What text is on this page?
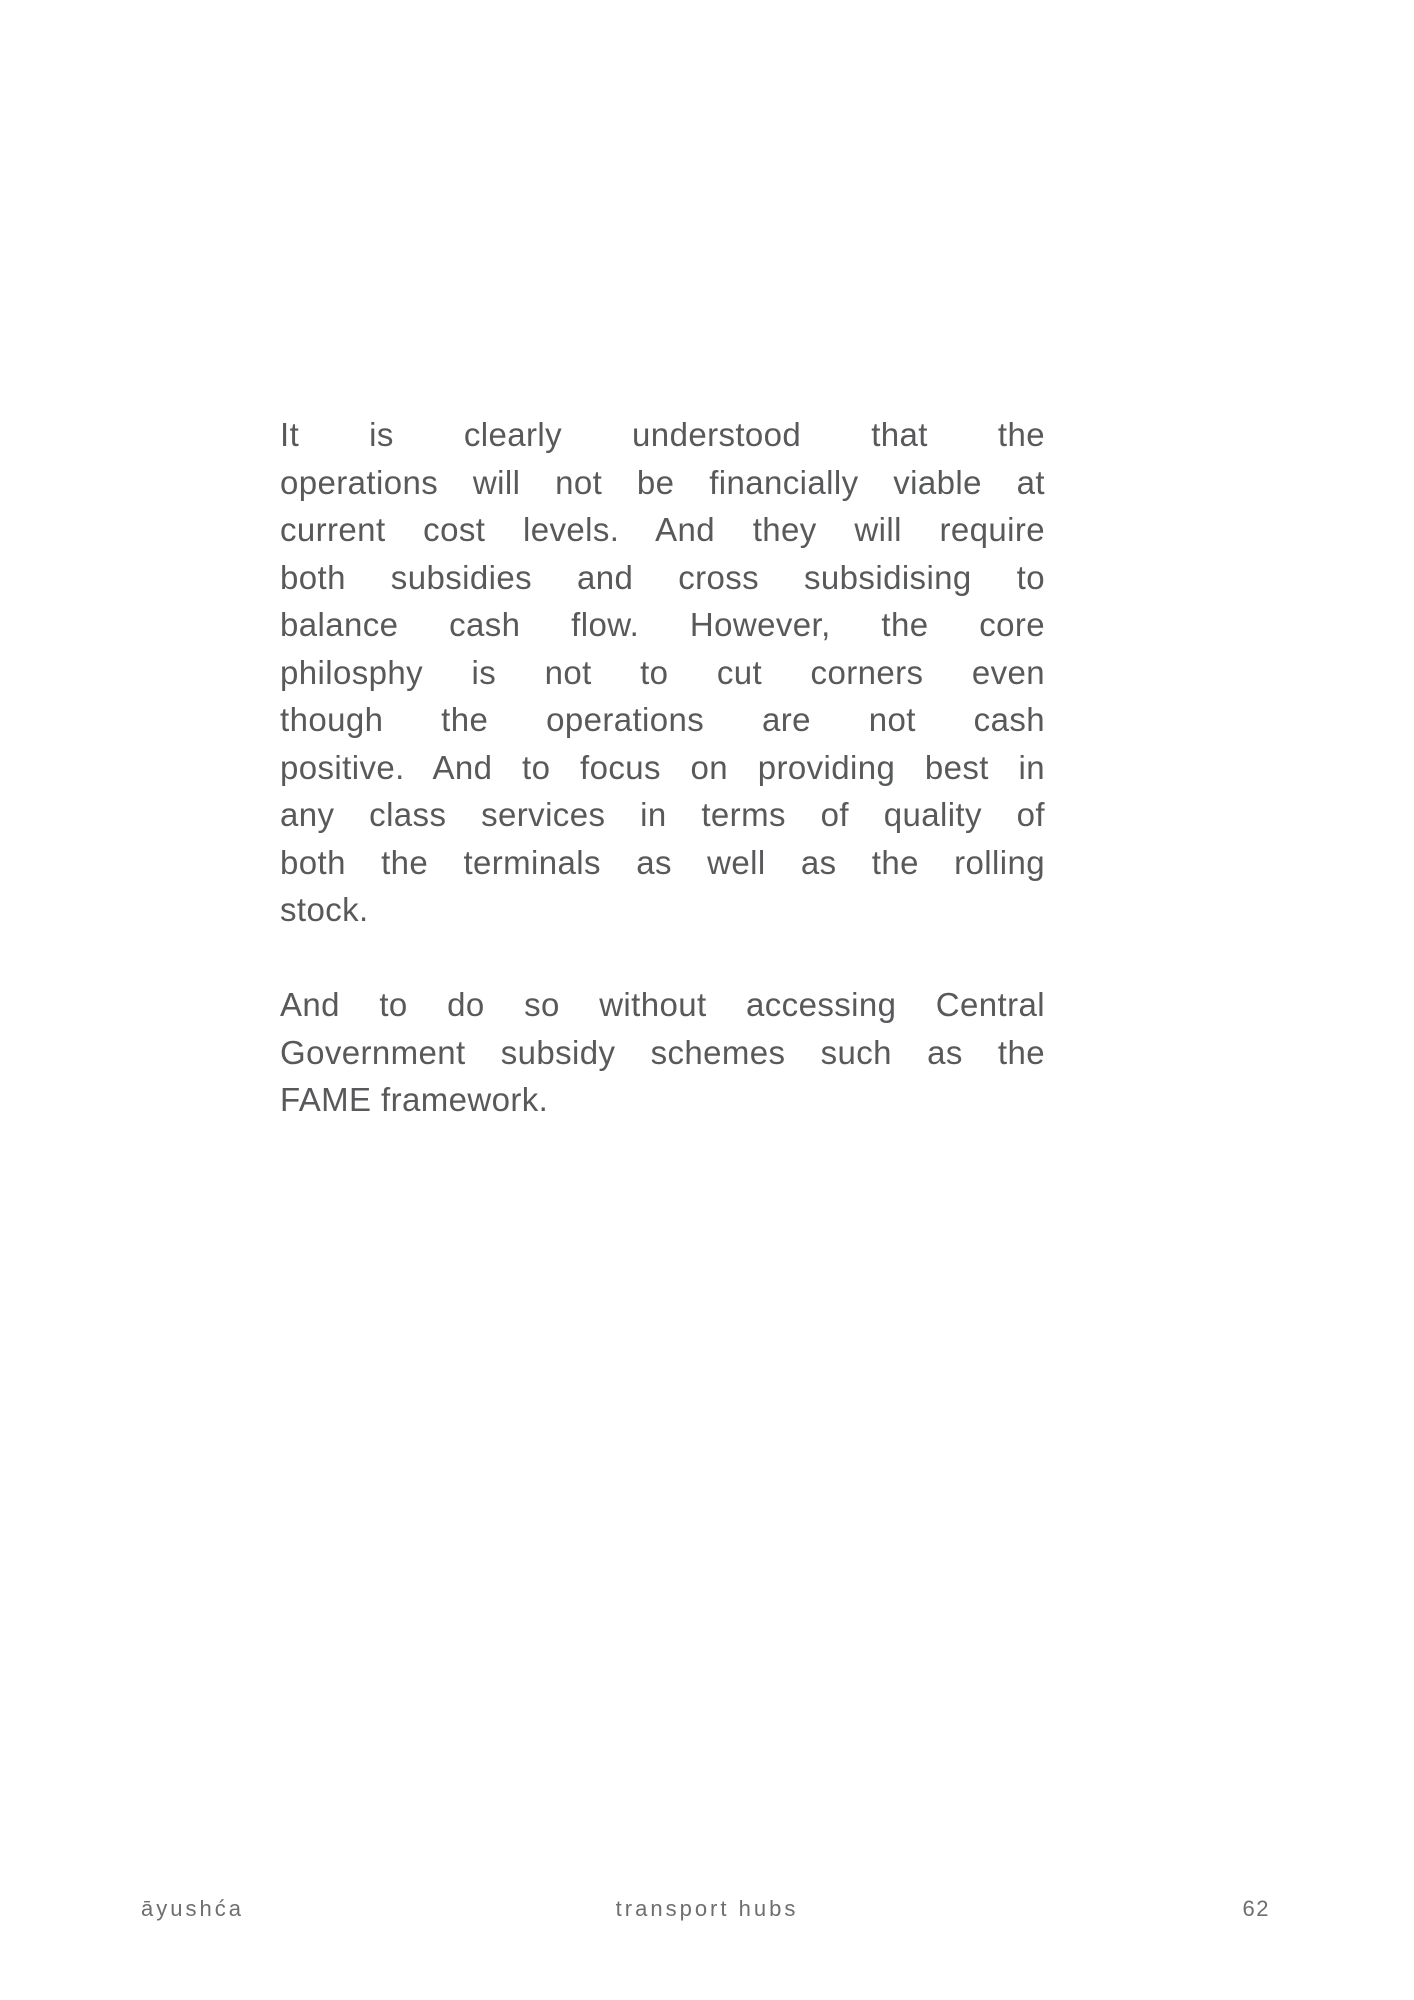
It is clearly understood that the
operations will not be financially viable at
current cost levels. And they will require
both subsidies and cross subsidising to
balance cash flow. However, the core
philosphy is not to cut corners even
though the operations are not cash
positive. And to focus on providing best in
any class services in terms of quality of
both the terminals as well as the rolling
stock.
And to do so without accessing Central
Government subsidy schemes such as the
FAME framework.
āyushća	transport hubs	62
